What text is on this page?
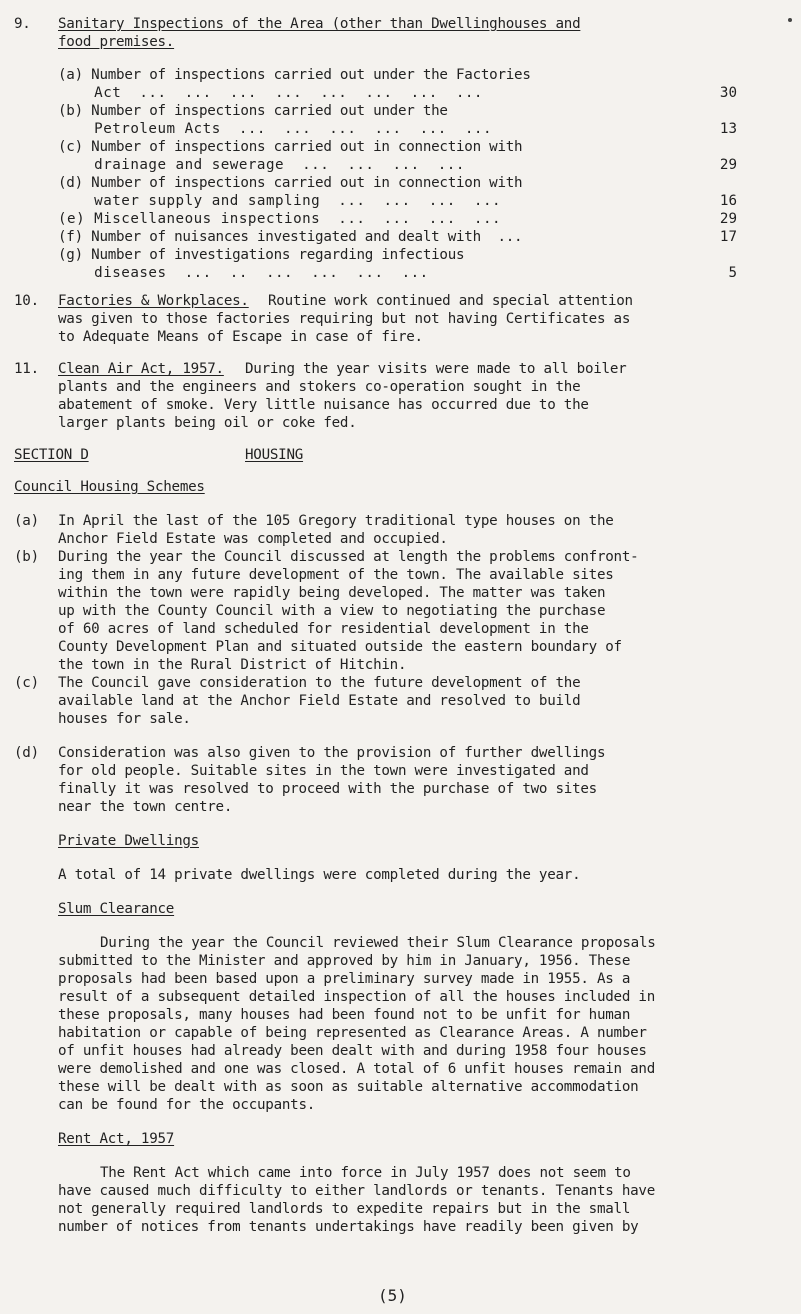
9. Sanitary Inspections of the Area (other than Dwellinghouses and
food premises.
(a) Number of inspections carried out under the Factories
Act  ...  ...  ...  ...  ...  ...  ...  ...	30
(b) Number of inspections carried out under the
Petroleum Acts  ...  ...  ...  ...  ...  ...	13
(c) Number of inspections carried out in connection with
drainage and sewerage  ...  ...  ...  ...	29
(d) Number of inspections carried out in connection with
water supply and sampling  ...  ...  ...  ...	16
(e) Miscellaneous inspections  ...  ...  ...  ...	29
(f) Number of nuisances investigated and dealt with  ...	17
(g) Number of investigations regarding infectious
diseases  ...  ..  ...  ...  ...  ...	5
10. Factories & Workplaces. Routine work continued and special attention
was given to those factories requiring but not having Certificates as
to Adequate Means of Escape in case of fire.
11. Clean Air Act, 1957. During the year visits were made to all boiler
plants and the engineers and stokers co-operation sought in the
abatement of smoke. Very little nuisance has occurred due to the
larger plants being oil or coke fed.
SECTION D	HOUSING
Council Housing Schemes
(a) In April the last of the 105 Gregory traditional type houses on the
Anchor Field Estate was completed and occupied.
(b) During the year the Council discussed at length the problems confront-
ing them in any future development of the town. The available sites
within the town were rapidly being developed. The matter was taken
up with the County Council with a view to negotiating the purchase
of 60 acres of land scheduled for residential development in the
County Development Plan and situated outside the eastern boundary of
the town in the Rural District of Hitchin.
(c) The Council gave consideration to the future development of the
available land at the Anchor Field Estate and resolved to build
houses for sale.
(d) Consideration was also given to the provision of further dwellings
for old people. Suitable sites in the town were investigated and
finally it was resolved to proceed with the purchase of two sites
near the town centre.
Private Dwellings
A total of 14 private dwellings were completed during the year.
Slum Clearance
During the year the Council reviewed their Slum Clearance proposals
submitted to the Minister and approved by him in January, 1956. These
proposals had been based upon a preliminary survey made in 1955. As a
result of a subsequent detailed inspection of all the houses included in
these proposals, many houses had been found not to be unfit for human
habitation or capable of being represented as Clearance Areas. A number
of unfit houses had already been dealt with and during 1958 four houses
were demolished and one was closed. A total of 6 unfit houses remain and
these will be dealt with as soon as suitable alternative accommodation
can be found for the occupants.
Rent Act, 1957
The Rent Act which came into force in July 1957 does not seem to
have caused much difficulty to either landlords or tenants. Tenants have
not generally required landlords to expedite repairs but in the small
number of notices from tenants undertakings have readily been given by
(5)
